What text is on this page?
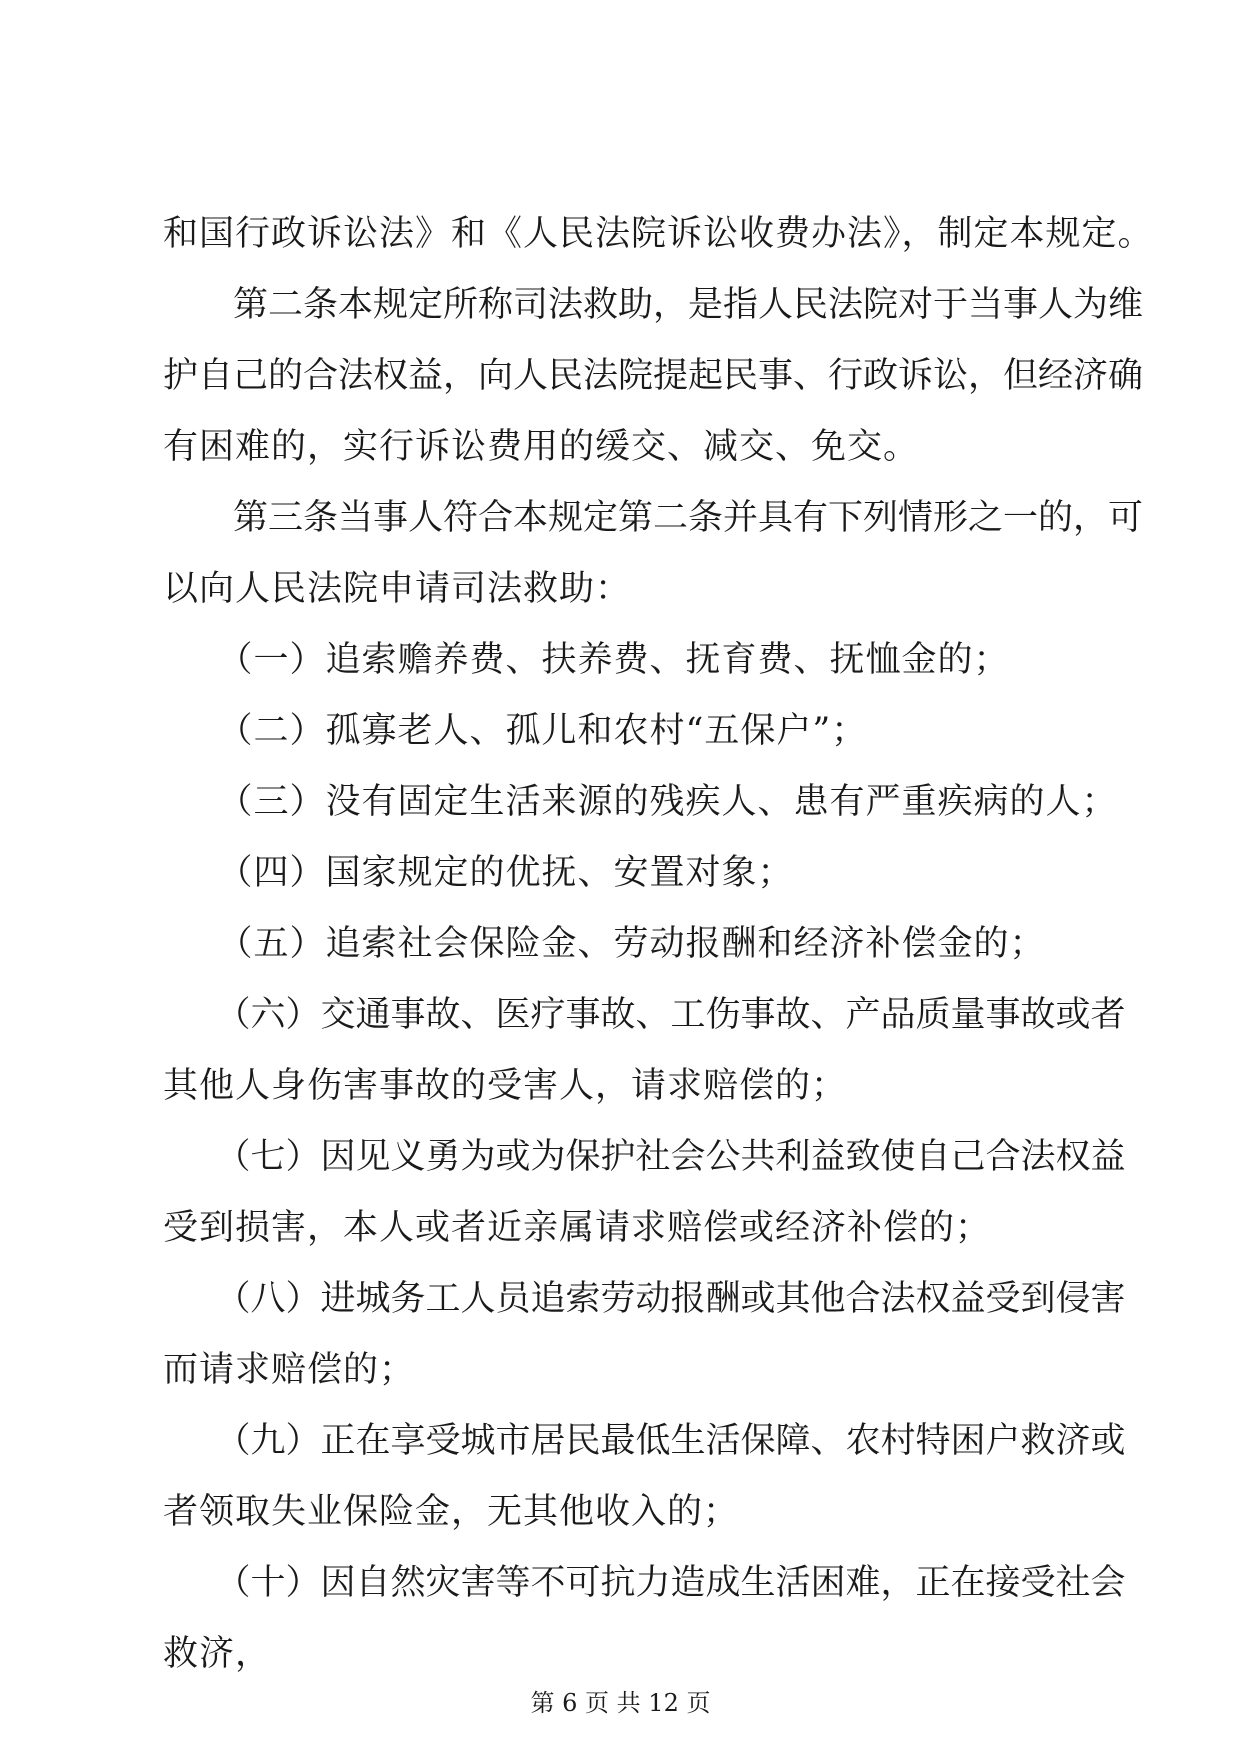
和国行政诉讼法》和《人民法院诉讼收费办法》，制定本规定。
　　第二条本规定所称司法救助，是指人民法院对于当事人为维
护自己的合法权益，向人民法院提起民事、行政诉讼，但经济确
有困难的，实行诉讼费用的缓交、减交、免交。
　　第三条当事人符合本规定第二条并具有下列情形之一的，可
以向人民法院申请司法救助：
　　（一）追索赡养费、扶养费、抚育费、抚恤金的；
　　（二）孤寡老人、孤儿和农村“五保户”；
　　（三）没有固定生活来源的残疾人、患有严重疾病的人；
　　（四）国家规定的优抚、安置对象；
　　（五）追索社会保险金、劳动报酬和经济补偿金的；
　　（六）交通事故、医疗事故、工伤事故、产品质量事故或者
其他人身伤害事故的受害人，请求赔偿的；
　　（七）因见义勇为或为保护社会公共利益致使自己合法权益
受到损害，本人或者近亲属请求赔偿或经济补偿的；
　　（八）进城务工人员追索劳动报酬或其他合法权益受到侵害
而请求赔偿的；
　　（九）正在享受城市居民最低生活保障、农村特困户救济或
者领取失业保险金，无其他收入的；
　　（十）因自然灾害等不可抗力造成生活困难，正在接受社会
救济，
第 6 页 共 12 页
